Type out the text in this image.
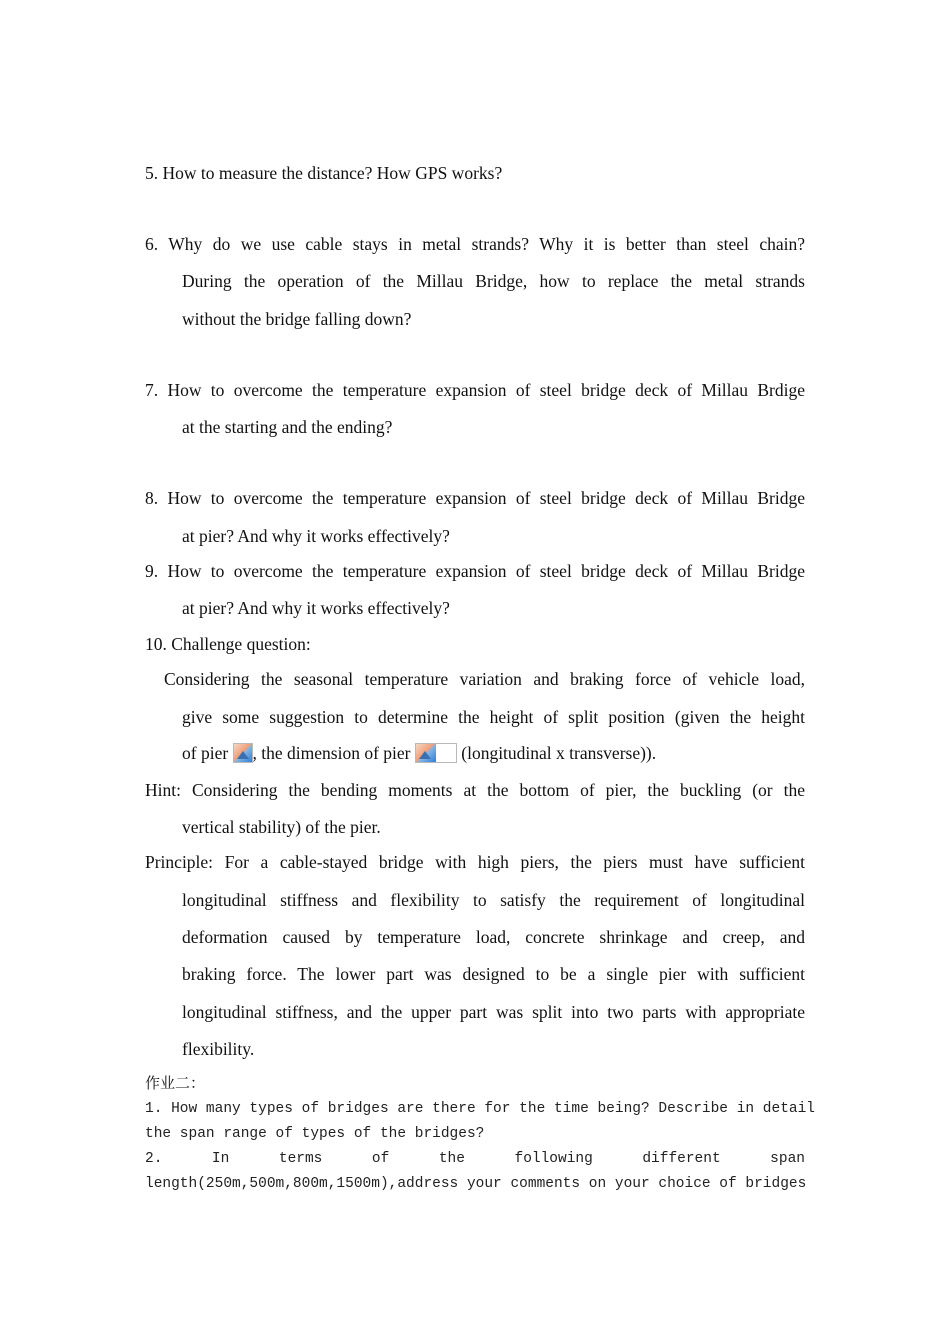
5. How to measure the distance? How GPS works?
6. Why do we use cable stays in metal strands? Why it is better than steel chain?
During the operation of the Millau Bridge, how to replace the metal strands
without the bridge falling down?
7. How to overcome the temperature expansion of steel bridge deck of Millau Brdige
at the starting and the ending?
8. How to overcome the temperature expansion of steel bridge deck of Millau Bridge
at pier? And why it works effectively?
9. How to overcome the temperature expansion of steel bridge deck of Millau Bridge
at pier? And why it works effectively?
10. Challenge question:
Considering the seasonal temperature variation and braking force of vehicle load,
give some suggestion to determine the height of split position (given the height
of pier , the dimension of pier	(longitudinal x transverse)).
Hint: Considering the bending moments at the bottom of pier, the buckling (or the
vertical stability) of the pier.
Principle: For a cable-stayed bridge with high piers, the piers must have sufficient
longitudinal stiffness and flexibility to satisfy the requirement of longitudinal
deformation caused by temperature load, concrete shrinkage and creep, and
braking force. The lower part was designed to be a single pier with sufficient
longitudinal stiffness, and the upper part was split into two parts with appropriate
flexibility.
作业二：
1. How many types of bridges are there for the time being? Describe in detail
the span range of types of the bridges?
2. In terms of the following different span
length(250m,500m,800m,1500m),address your comments on your choice of bridges
